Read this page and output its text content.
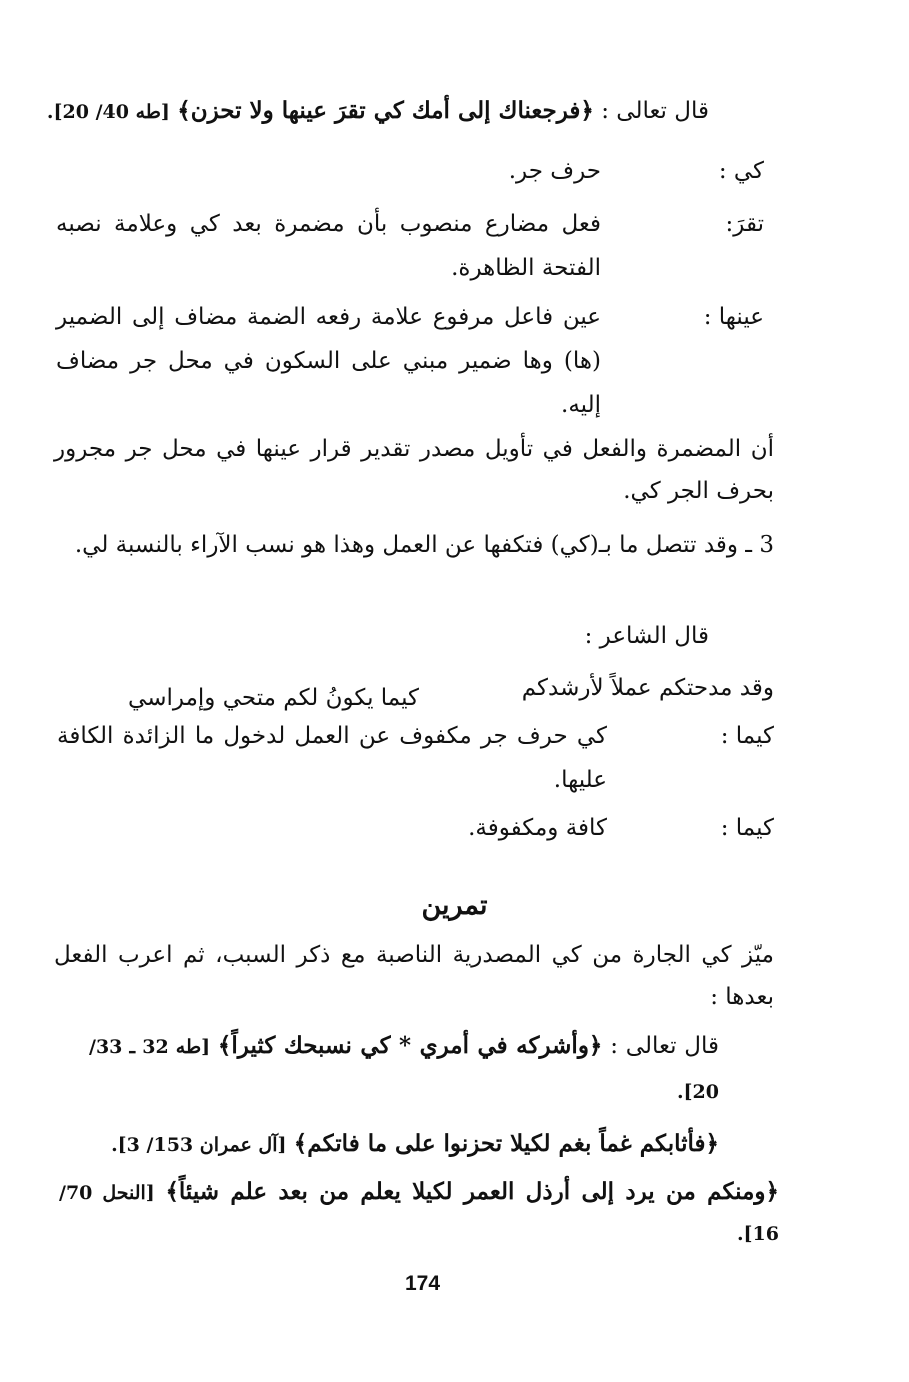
قال تعالى : ﴿فرجعناك إلى أمك كي تقرَ عينها ولا تحزن﴾ [طه 40/ 20].
كي :
حرف جر.
تقرَ:
فعل مضارع منصوب بأن مضمرة بعد كي وعلامة نصبه الفتحة الظاهرة.
عينها :
عين فاعل مرفوع علامة رفعه الضمة مضاف إلى الضمير (ها) وها ضمير مبني على السكون في محل جر مضاف إليه.
أن المضمرة والفعل في تأويل مصدر تقدير قرار عينها في محل جر مجرور بحرف الجر كي.
3 ـ وقد تتصل ما بـ(كي) فتكفها عن العمل وهذا هو نسب الآراء بالنسبة لي.
قال الشاعر :
وقد مدحتكم عملاً لأرشدكم
كيما يكونُ لكم متحي وإمراسي
كيما :
كي حرف جر مكفوف عن العمل لدخول ما الزائدة الكافة عليها.
كيما :
كافة ومكفوفة.
تمرين
ميّز كي الجارة من كي المصدرية الناصبة مع ذكر السبب، ثم اعرب الفعل بعدها :
قال تعالى : ﴿وأشركه في أمري * كي نسبحك كثيراً﴾ [طه 32 ـ 33/ 20].
﴿فأثابكم غماً بغم لكيلا تحزنوا على ما فاتكم﴾ [آل عمران 153/ 3].
﴿ومنكم من يرد إلى أرذل العمر لكيلا يعلم من بعد علم شيئاً﴾ [النحل 70/ 16].
174
